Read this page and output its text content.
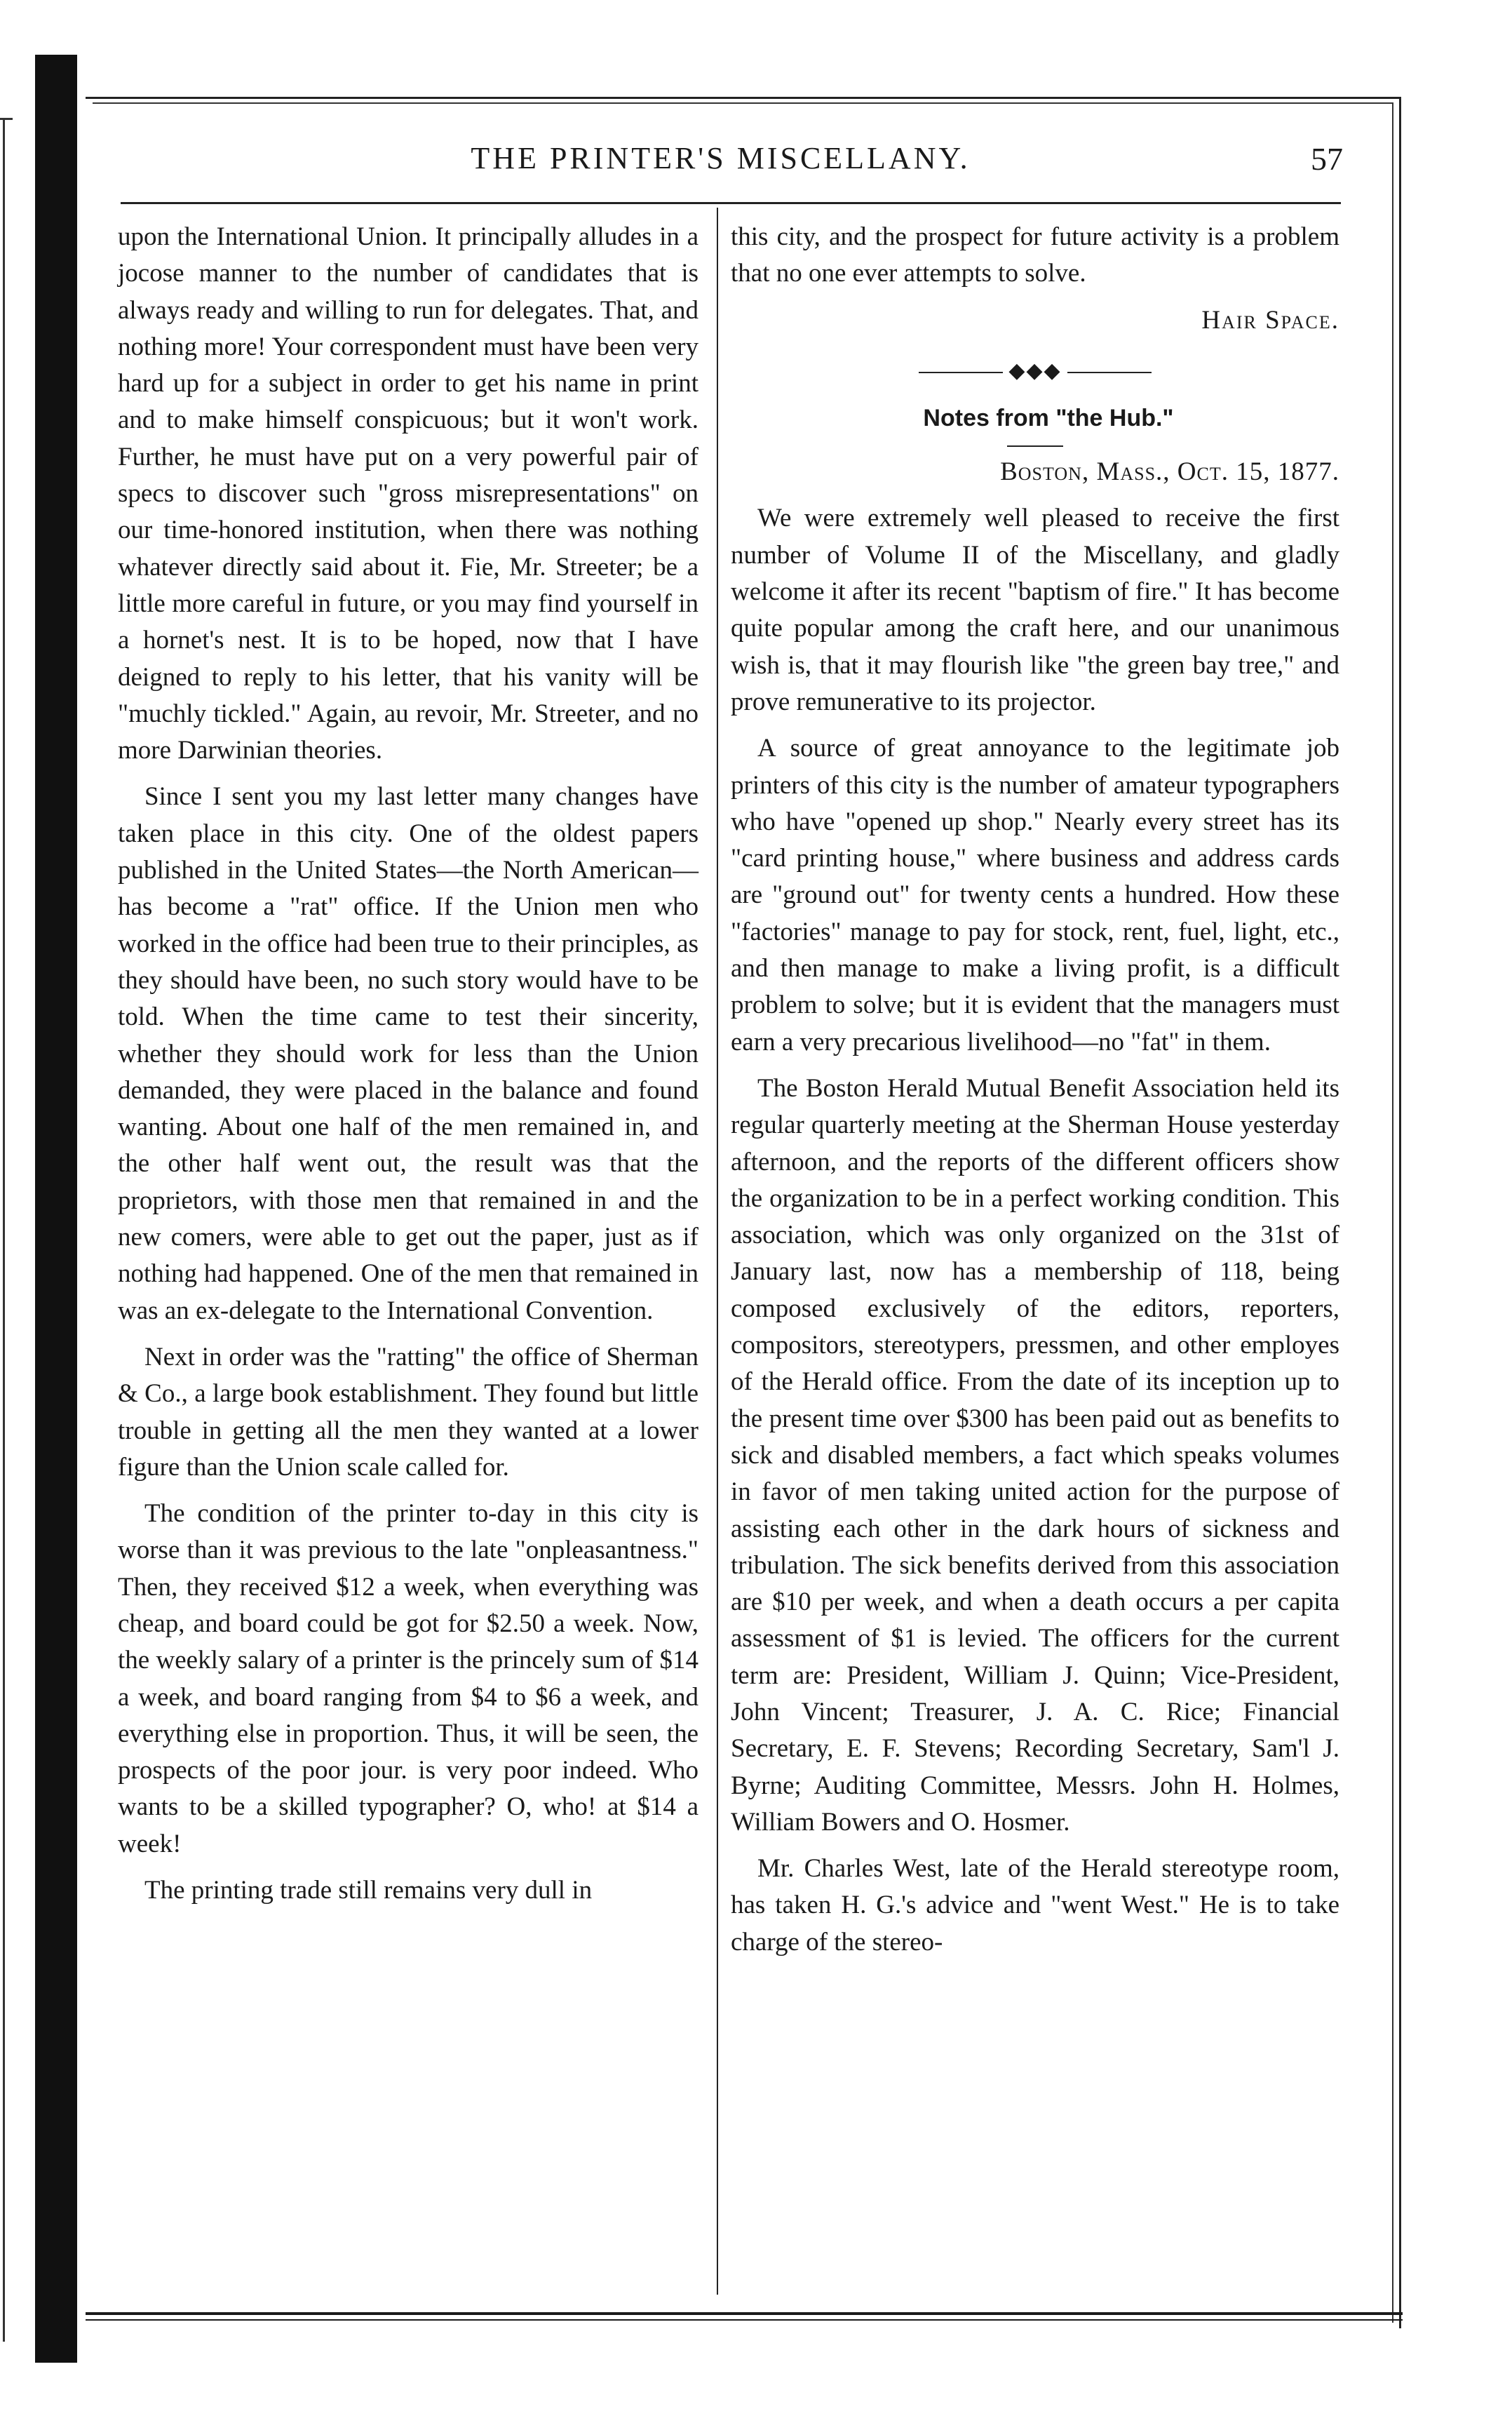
THE PRINTER'S MISCELLANY.	57

upon the International Union. It principally alludes in a jocose manner to the number of candidates that is always ready and willing to run for delegates. That, and nothing more! Your correspondent must have been very hard up for a subject in order to get his name in print and to make himself conspicuous; but it won't work. Further, he must have put on a very powerful pair of specs to discover such "gross misrepresentations" on our time-honored institution, when there was nothing whatever directly said about it. Fie, Mr. Streeter; be a little more careful in future, or you may find yourself in a hornet's nest. It is to be hoped, now that I have deigned to reply to his letter, that his vanity will be "muchly tickled." Again, au revoir, Mr. Streeter, and no more Darwinian theories.

Since I sent you my last letter many changes have taken place in this city. One of the oldest papers published in the United States—the North American—has become a "rat" office. If the Union men who worked in the office had been true to their principles, as they should have been, no such story would have to be told. When the time came to test their sincerity, whether they should work for less than the Union demanded, they were placed in the balance and found wanting. About one half of the men remained in, and the other half went out, the result was that the proprietors, with those men that remained in and the new comers, were able to get out the paper, just as if nothing had happened. One of the men that remained in was an ex-delegate to the International Convention.

Next in order was the "ratting" the office of Sherman & Co., a large book establishment. They found but little trouble in getting all the men they wanted at a lower figure than the Union scale called for.

The condition of the printer to-day in this city is worse than it was previous to the late "onpleasantness." Then, they received $12 a week, when everything was cheap, and board could be got for $2.50 a week. Now, the weekly salary of a printer is the princely sum of $14 a week, and board ranging from $4 to $6 a week, and everything else in proportion. Thus, it will be seen, the prospects of the poor jour. is very poor indeed. Who wants to be a skilled typographer? O, who! at $14 a week!

The printing trade still remains very dull in

this city, and the prospect for future activity is a problem that no one ever attempts to solve.

Hair Space.

◆◆◆

Notes from "the Hub."

Boston, Mass., Oct. 15, 1877.

We were extremely well pleased to receive the first number of Volume II of the Miscellany, and gladly welcome it after its recent "baptism of fire." It has become quite popular among the craft here, and our unanimous wish is, that it may flourish like "the green bay tree," and prove remunerative to its projector.

A source of great annoyance to the legitimate job printers of this city is the number of amateur typographers who have "opened up shop." Nearly every street has its "card printing house," where business and address cards are "ground out" for twenty cents a hundred. How these "factories" manage to pay for stock, rent, fuel, light, etc., and then manage to make a living profit, is a difficult problem to solve; but it is evident that the managers must earn a very precarious livelihood—no "fat" in them.

The Boston Herald Mutual Benefit Association held its regular quarterly meeting at the Sherman House yesterday afternoon, and the reports of the different officers show the organization to be in a perfect working condition. This association, which was only organized on the 31st of January last, now has a membership of 118, being composed exclusively of the editors, reporters, compositors, stereotypers, pressmen, and other employes of the Herald office. From the date of its inception up to the present time over $300 has been paid out as benefits to sick and disabled members, a fact which speaks volumes in favor of men taking united action for the purpose of assisting each other in the dark hours of sickness and tribulation. The sick benefits derived from this association are $10 per week, and when a death occurs a per capita assessment of $1 is levied. The officers for the current term are: President, William J. Quinn; Vice-President, John Vincent; Treasurer, J. A. C. Rice; Financial Secretary, E. F. Stevens; Recording Secretary, Sam'l J. Byrne; Auditing Committee, Messrs. John H. Holmes, William Bowers and O. Hosmer.

Mr. Charles West, late of the Herald stereotype room, has taken H. G.'s advice and "went West." He is to take charge of the stereo-
